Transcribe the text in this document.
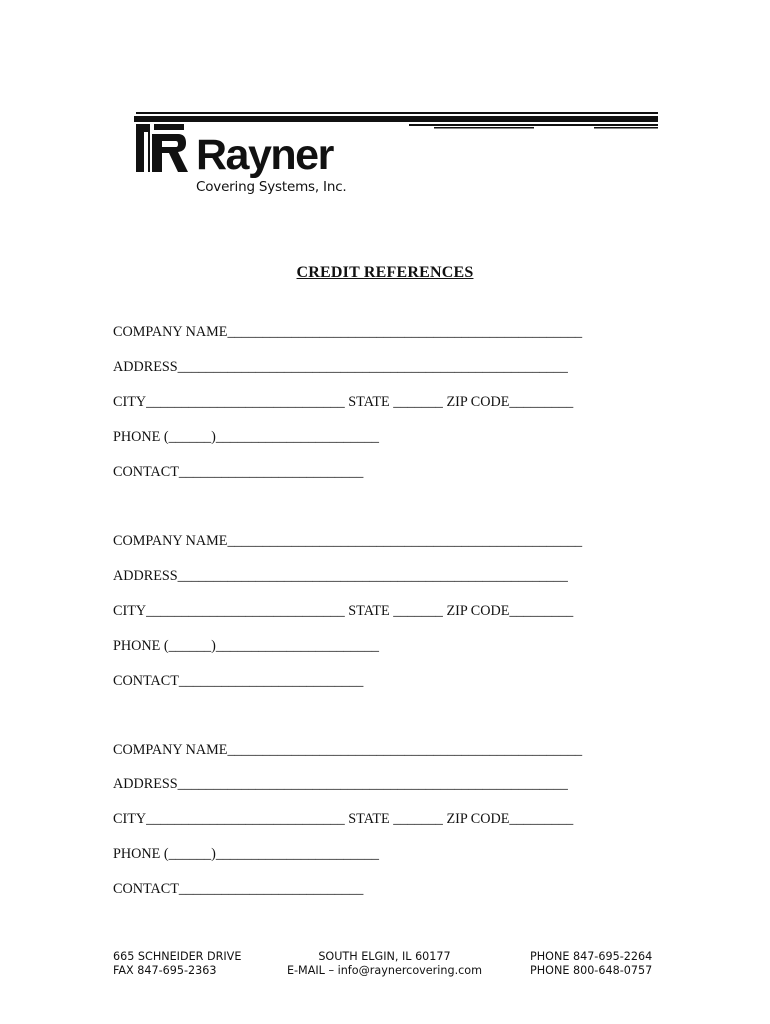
Rayner
Covering Systems, Inc.
CREDIT REFERENCES
COMPANY NAME__________________________________________________
ADDRESS_______________________________________________________
CITY____________________________ STATE _______ ZIP CODE_________
PHONE (______)_______________________
CONTACT__________________________
COMPANY NAME__________________________________________________
ADDRESS_______________________________________________________
CITY____________________________ STATE _______ ZIP CODE_________
PHONE (______)_______________________
CONTACT__________________________
COMPANY NAME__________________________________________________
ADDRESS_______________________________________________________
CITY____________________________ STATE _______ ZIP CODE_________
PHONE (______)_______________________
CONTACT__________________________
665 SCHNEIDER DRIVE
FAX 847-695-2363
SOUTH ELGIN, IL 60177
E-MAIL – info@raynercovering.com
PHONE 847-695-2264
PHONE 800-648-0757
